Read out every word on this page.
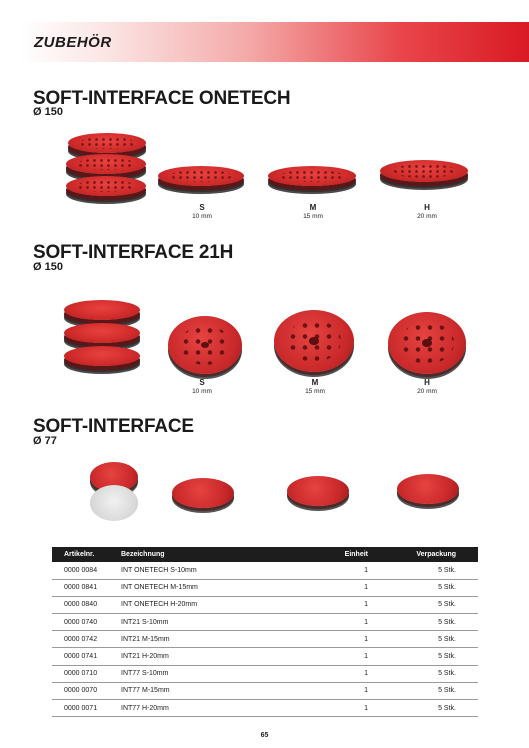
ZUBEHÖR
SOFT-INTERFACE ONETECH
Ø 150
S
10 mm
M
15 mm
H
20 mm
SOFT-INTERFACE 21H
Ø 150
S
10 mm
M
15 mm
H
20 mm
SOFT-INTERFACE
Ø 77
Artikelnr.	Bezeichnung	Einheit	Verpackung
0000 0084	INT ONETECH S-10mm	1	5 Stk.
0000 0841	INT ONETECH M-15mm	1	5 Stk.
0000 0840	INT ONETECH H-20mm	1	5 Stk.
0000 0740	INT21 S-10mm	1	5 Stk.
0000 0742	INT21 M-15mm	1	5 Stk.
0000 0741	INT21 H-20mm	1	5 Stk.
0000 0710	INT77 S-10mm	1	5 Stk.
0000 0070	INT77 M-15mm	1	5 Stk.
0000 0071	INT77 H-20mm	1	5 Stk.
65
